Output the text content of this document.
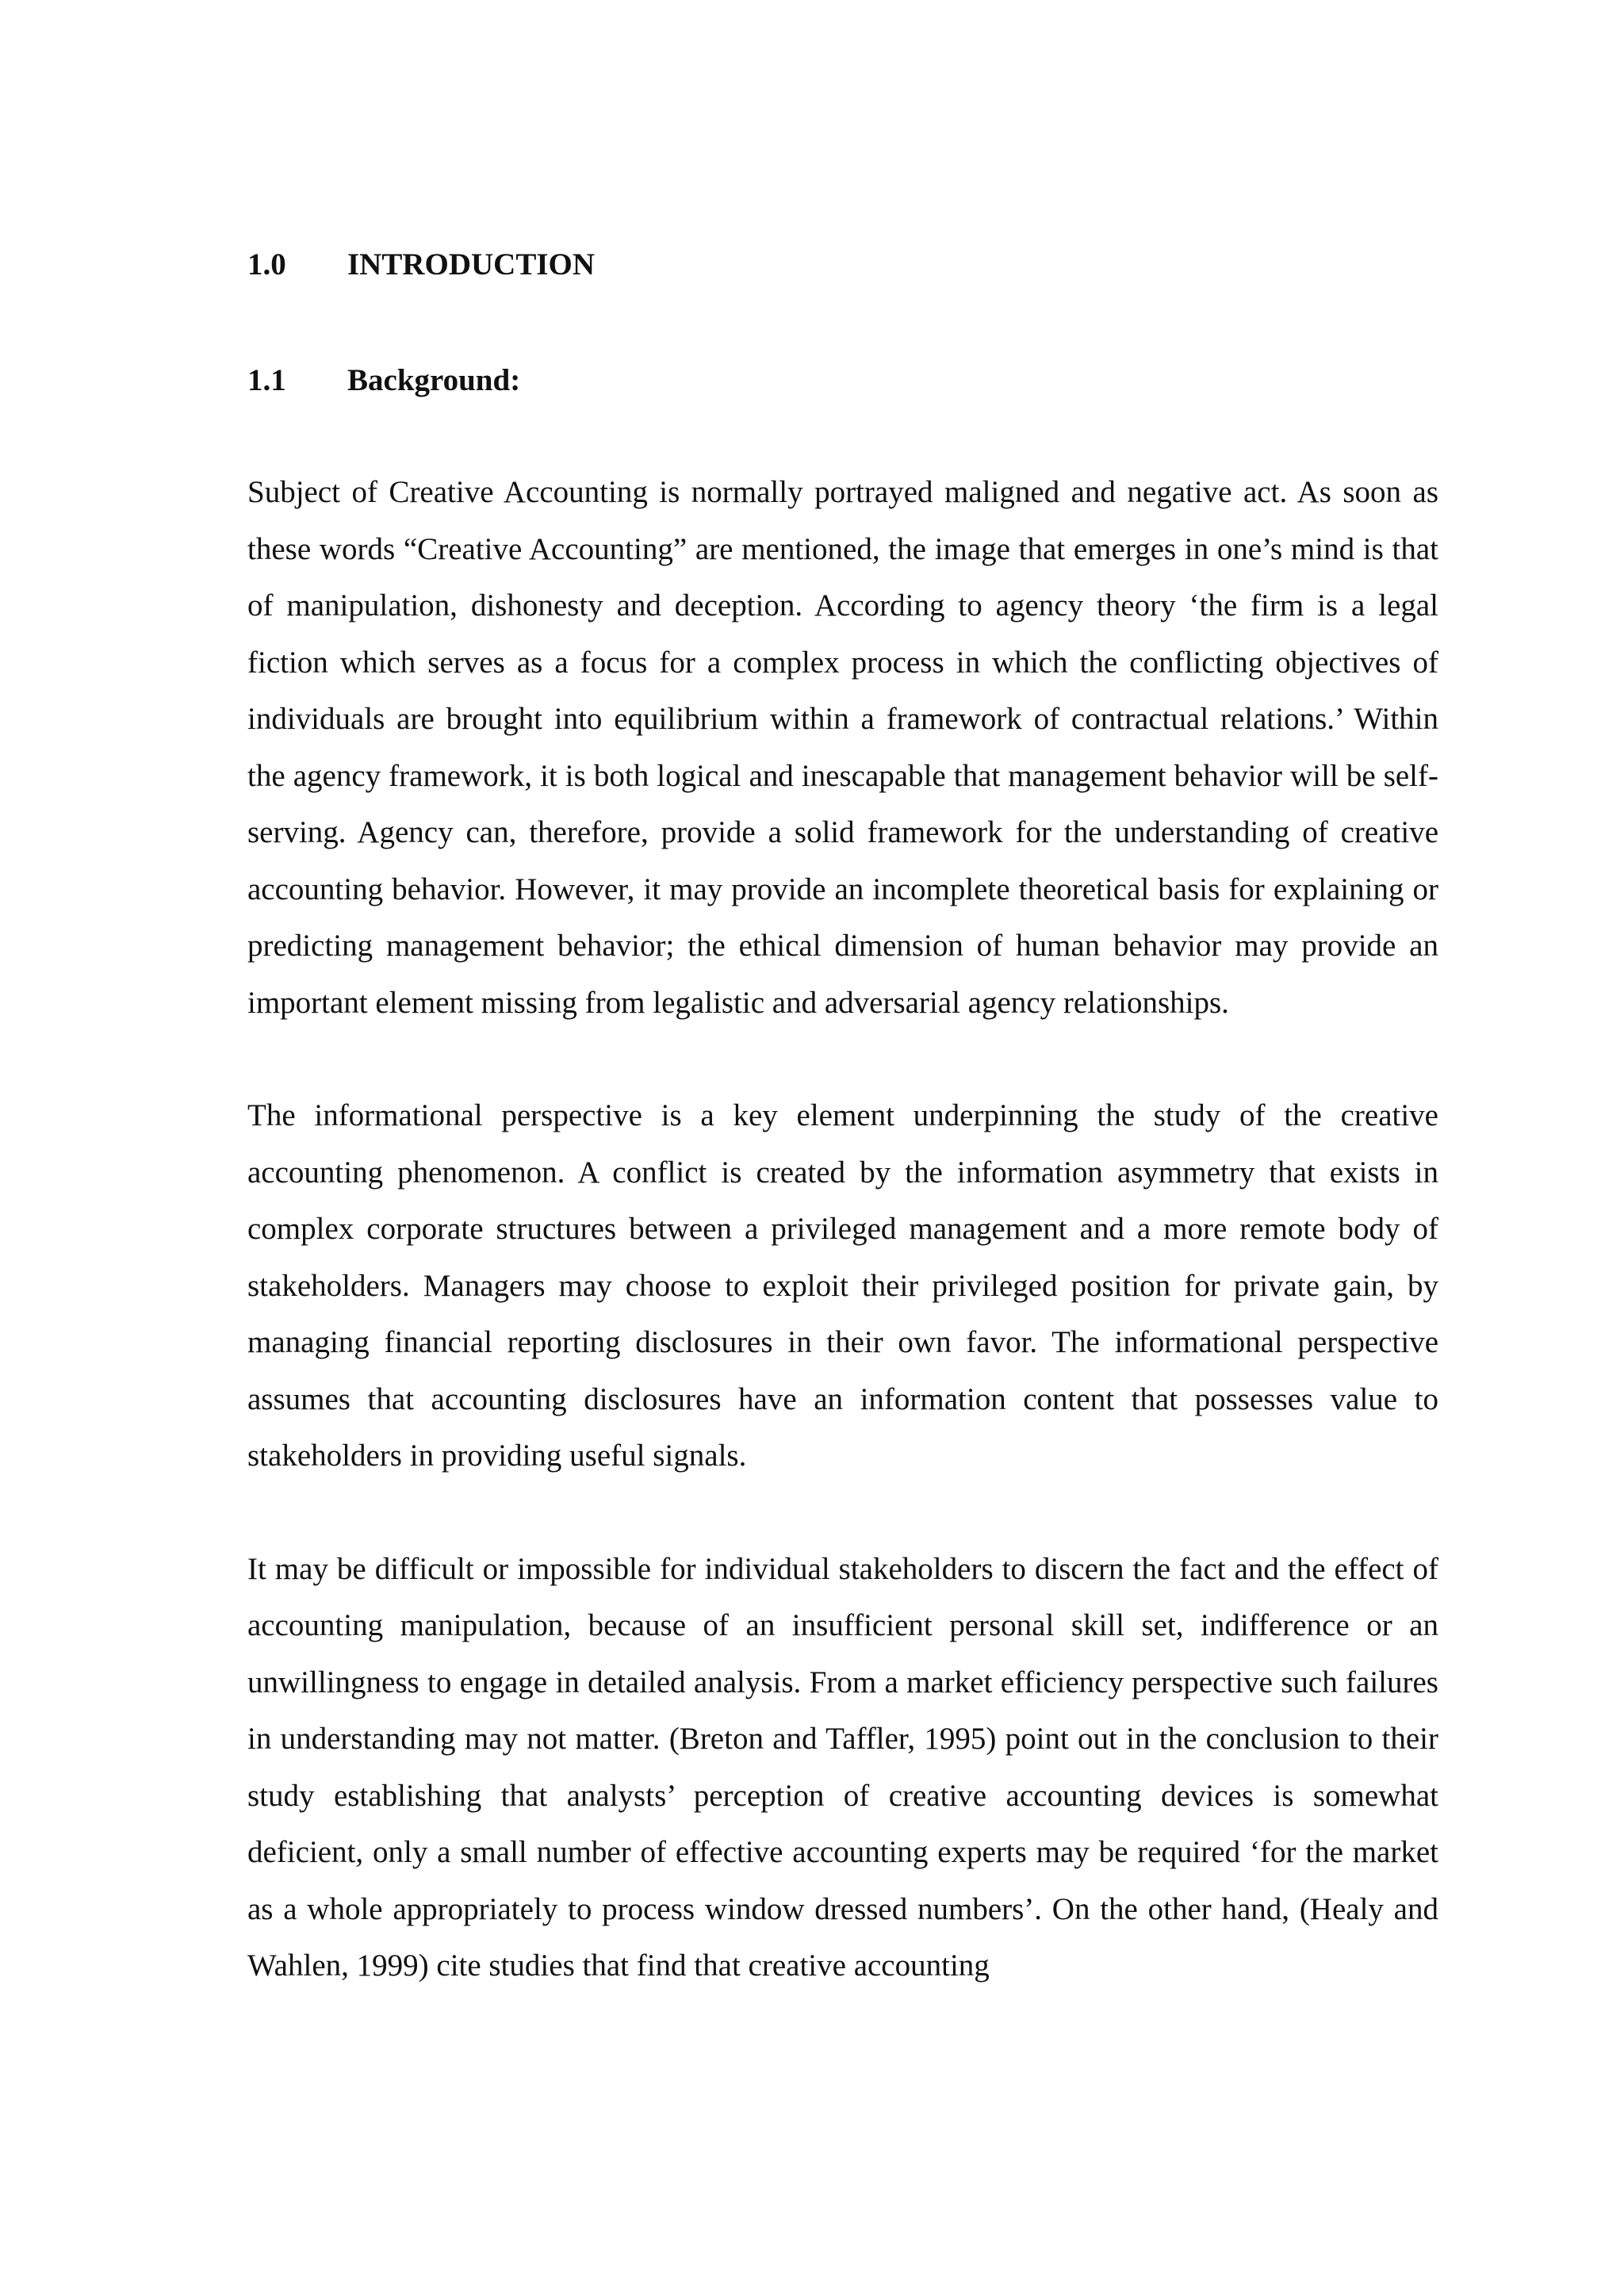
1.0 INTRODUCTION
1.1 Background:

Subject of Creative Accounting is normally portrayed maligned and negative act. As soon as these words “Creative Accounting” are mentioned, the image that emerges in one’s mind is that of manipulation, dishonesty and deception. According to agency theory ‘the firm is a legal fiction which serves as a focus for a complex process in which the conflicting objectives of individuals are brought into equilibrium within a framework of contractual relations.’ Within the agency framework, it is both logical and inescapable that management behavior will be self-serving. Agency can, therefore, provide a solid framework for the understanding of creative accounting behavior. However, it may provide an incomplete theoretical basis for explaining or predicting management behavior; the ethical dimension of human behavior may provide an important element missing from legalistic and adversarial agency relationships.

The informational perspective is a key element underpinning the study of the creative accounting phenomenon. A conflict is created by the information asymmetry that exists in complex corporate structures between a privileged management and a more remote body of stakeholders. Managers may choose to exploit their privileged position for private gain, by managing financial reporting disclosures in their own favor. The informational perspective assumes that accounting disclosures have an information content that possesses value to stakeholders in providing useful signals.

It may be difficult or impossible for individual stakeholders to discern the fact and the effect of accounting manipulation, because of an insufficient personal skill set, indifference or an unwillingness to engage in detailed analysis. From a market efficiency perspective such failures in understanding may not matter. (Breton and Taffler, 1995) point out in the conclusion to their study establishing that analysts’ perception of creative accounting devices is somewhat deficient, only a small number of effective accounting experts may be required ‘for the market as a whole appropriately to process window dressed numbers’. On the other hand, (Healy and Wahlen, 1999) cite studies that find that creative accounting
